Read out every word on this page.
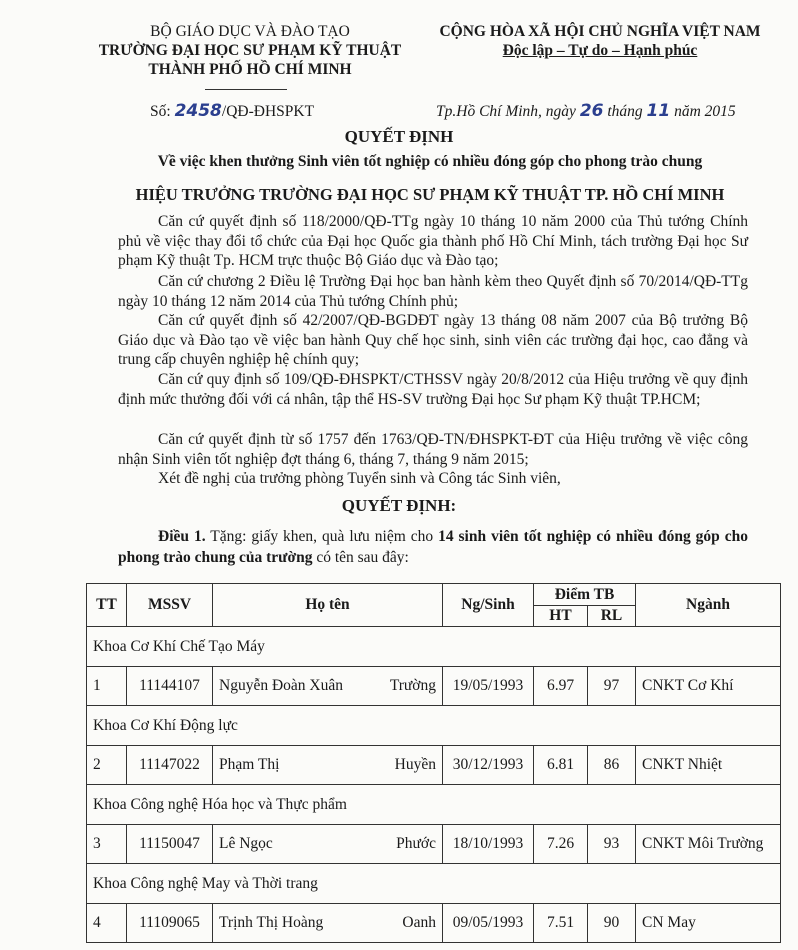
BỘ GIÁO DỤC VÀ ĐÀO TẠO
TRƯỜNG ĐẠI HỌC SƯ PHẠM KỸ THUẬT
THÀNH PHỐ HỒ CHÍ MINH
CỘNG HÒA XÃ HỘI CHỦ NGHĨA VIỆT NAM
Độc lập – Tự do – Hạnh phúc
Số: 2458/QĐ-ĐHSPKT	Tp.Hồ Chí Minh, ngày 26 tháng 11 năm 2015
QUYẾT ĐỊNH
Về việc khen thưởng Sinh viên tốt nghiệp có nhiều đóng góp cho phong trào chung
HIỆU TRƯỞNG TRƯỜNG ĐẠI HỌC SƯ PHẠM KỸ THUẬT TP. HỒ CHÍ MINH
Căn cứ quyết định số 118/2000/QĐ-TTg ngày 10 tháng 10 năm 2000 của Thủ tướng Chính phủ về việc thay đổi tổ chức của Đại học Quốc gia thành phố Hồ Chí Minh, tách trường Đại học Sư phạm Kỹ thuật Tp. HCM trực thuộc Bộ Giáo dục và Đào tạo;
Căn cứ chương 2 Điều lệ Trường Đại học ban hành kèm theo Quyết định số 70/2014/QĐ-TTg ngày 10 tháng 12 năm 2014 của Thủ tướng Chính phủ;
Căn cứ quyết định số 42/2007/QĐ-BGDĐT ngày 13 tháng 08 năm 2007 của Bộ trưởng Bộ Giáo dục và Đào tạo về việc ban hành Quy chế học sinh, sinh viên các trường đại học, cao đẳng và trung cấp chuyên nghiệp hệ chính quy;
Căn cứ quy định số 109/QĐ-ĐHSPKT/CTHSSV ngày 20/8/2012 của Hiệu trưởng về quy định định mức thưởng đối với cá nhân, tập thể HS-SV trường Đại học Sư phạm Kỹ thuật TP.HCM;
Căn cứ quyết định từ số 1757 đến 1763/QĐ-TN/ĐHSPKT-ĐT của Hiệu trưởng về việc công nhận Sinh viên tốt nghiệp đợt tháng 6, tháng 7, tháng 9 năm 2015;
Xét đề nghị của trưởng phòng Tuyển sinh và Công tác Sinh viên,
QUYẾT ĐỊNH:
Điều 1. Tặng: giấy khen, quà lưu niệm cho 14 sinh viên tốt nghiệp có nhiều đóng góp cho phong trào chung của trường có tên sau đây:
TT	MSSV	Họ tên	Ng/Sinh	Điểm TB		Ngành
				HT	RL	
Khoa Cơ Khí Chế Tạo Máy						
1	11144107	Nguyễn Đoàn Xuân Trường	19/05/1993	6.97	97	CNKT Cơ Khí
Khoa Cơ Khí Động lực						
2	11147022	Phạm Thị Huyền	30/12/1993	6.81	86	CNKT Nhiệt
Khoa Công nghệ Hóa học và Thực phẩm						
3	11150047	Lê Ngọc Phước	18/10/1993	7.26	93	CNKT Môi Trường
Khoa Công nghệ May và Thời trang						
4	11109065	Trịnh Thị Hoàng Oanh	09/05/1993	7.51	90	CN May
